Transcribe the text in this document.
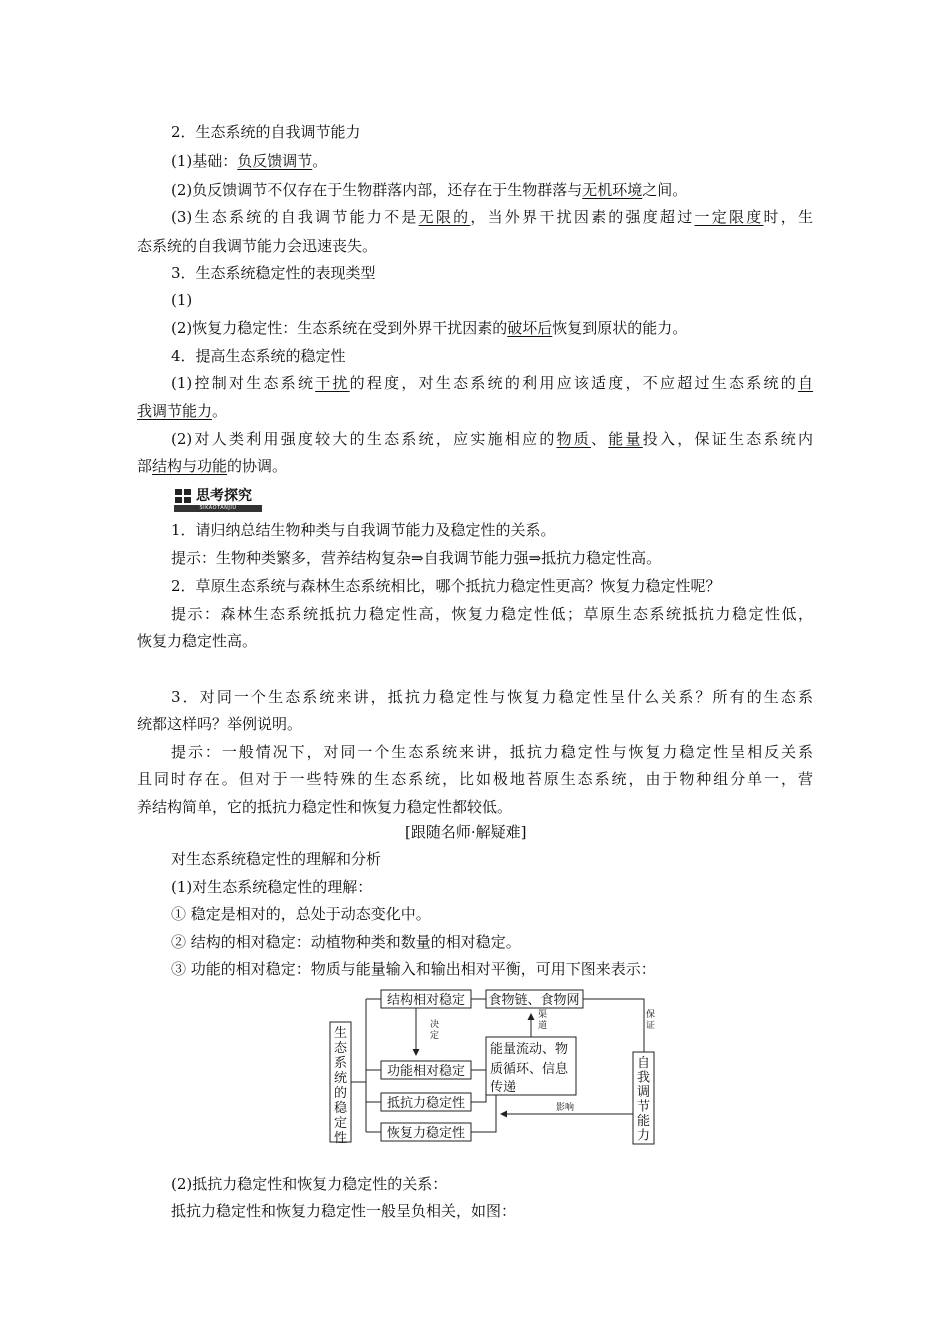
2．生态系统的自我调节能力
(1)基础：负反馈调节。
(2)负反馈调节不仅存在于生物群落内部，还存在于生物群落与无机环境之间。
(3)生态系统的自我调节能力不是无限的，当外界干扰因素的强度超过一定限度时，生
态系统的自我调节能力会迅速丧失。
3．生态系统稳定性的表现类型
(1)
(2)恢复力稳定性：生态系统在受到外界干扰因素的破坏后恢复到原状的能力。
4．提高生态系统的稳定性
(1)控制对生态系统干扰的程度，对生态系统的利用应该适度，不应超过生态系统的自
我调节能力。
(2)对人类利用强度较大的生态系统，应实施相应的物质、能量投入，保证生态系统内
部结构与功能的协调。
思考探究
SIKAOTANJIU
1．请归纳总结生物种类与自我调节能力及稳定性的关系。
提示：生物种类繁多，营养结构复杂⇒自我调节能力强⇒抵抗力稳定性高。
2．草原生态系统与森林生态系统相比，哪个抵抗力稳定性更高？恢复力稳定性呢？
提示：森林生态系统抵抗力稳定性高，恢复力稳定性低；草原生态系统抵抗力稳定性低，
恢复力稳定性高。
3．对同一个生态系统来讲，抵抗力稳定性与恢复力稳定性呈什么关系？所有的生态系
统都这样吗？举例说明。
提示：一般情况下，对同一个生态系统来讲，抵抗力稳定性与恢复力稳定性呈相反关系
且同时存在。但对于一些特殊的生态系统，比如极地苔原生态系统，由于物种组分单一，营
养结构简单，它的抵抗力稳定性和恢复力稳定性都较低。
[跟随名师·解疑难]
对生态系统稳定性的理解和分析
(1)对生态系统稳定性的理解：
① 稳定是相对的，总处于动态变化中。
② 结构的相对稳定：动植物种类和数量的相对稳定。
③ 功能的相对稳定：物质与能量输入和输出相对平衡，可用下图来表示：
结构相对稳定
功能相对稳定
抵抗力稳定性
恢复力稳定性
食物链、食物网
能量流动、物
质循环、信息
传递
决定
渠道
保证
影响
自我调节能力
生态系统的稳定性
(2)抵抗力稳定性和恢复力稳定性的关系：
抵抗力稳定性和恢复力稳定性一般呈负相关，如图：
